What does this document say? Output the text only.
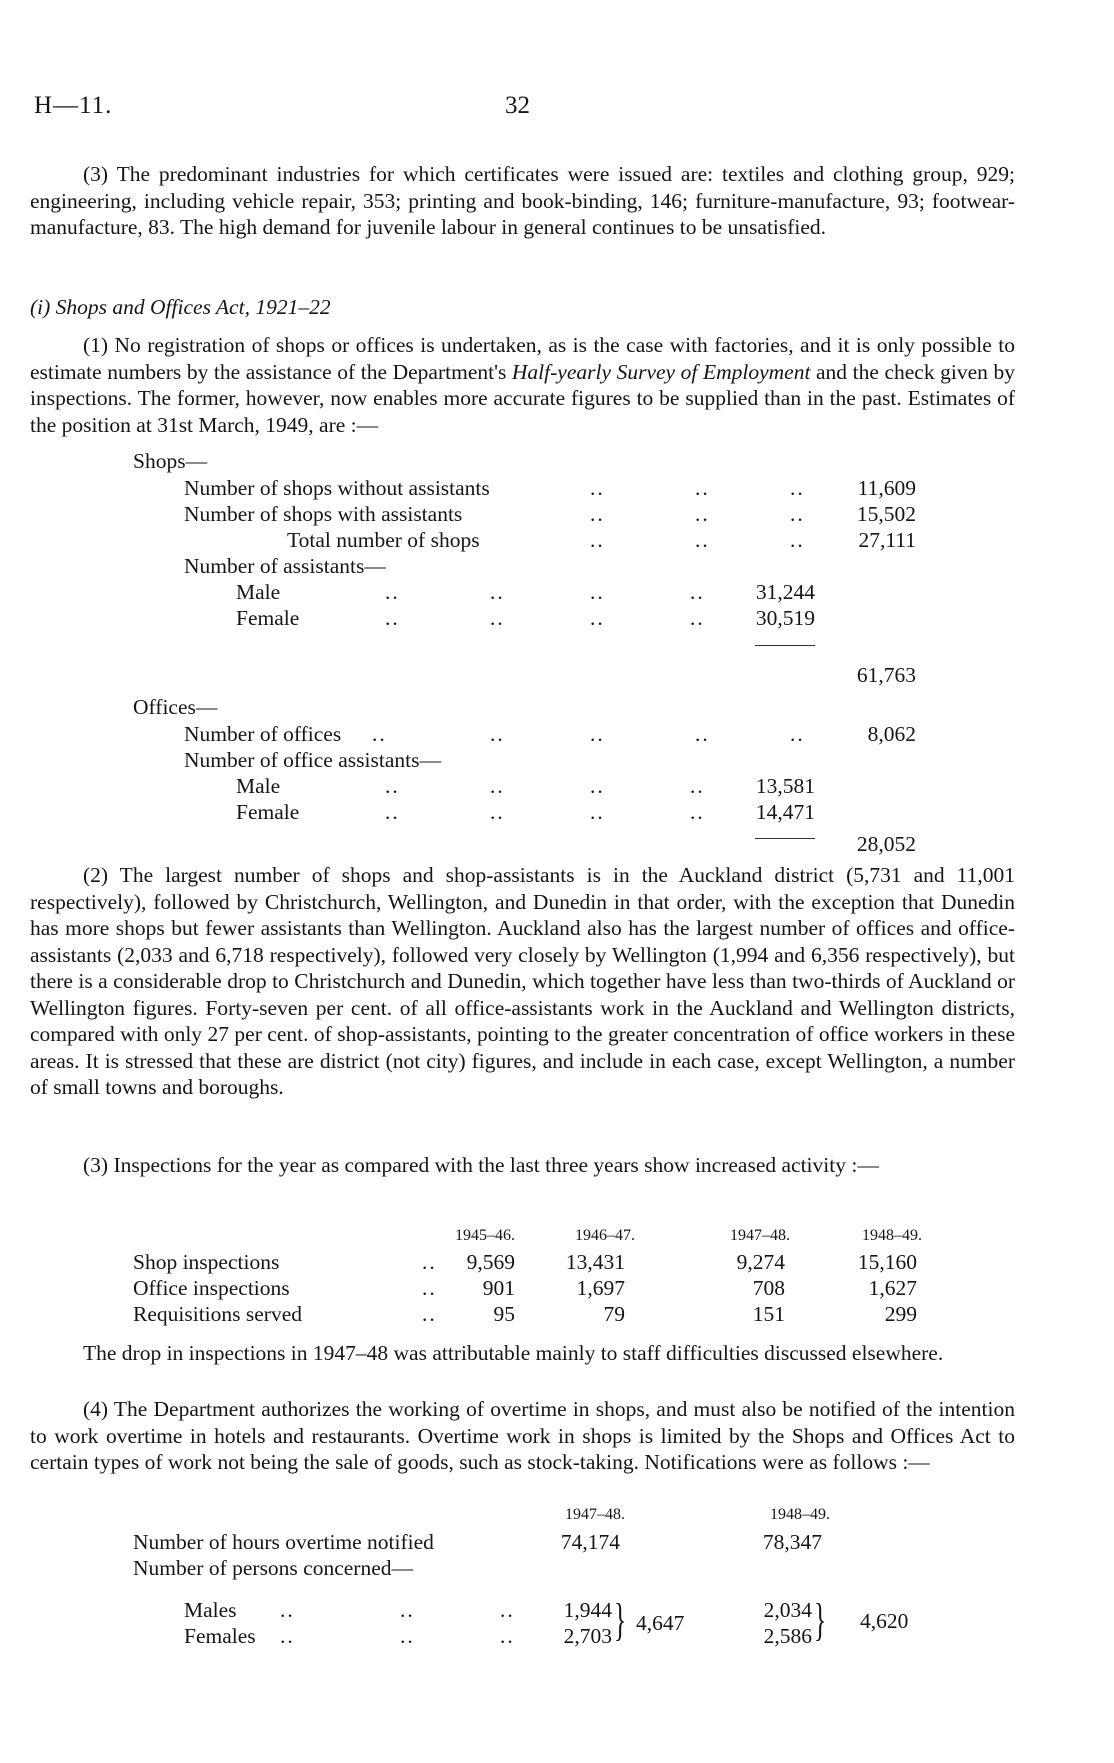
H—11.	32

(3) The predominant industries for which certificates were issued are: textiles and clothing group, 929; engineering, including vehicle repair, 353; printing and book-binding, 146; furniture-manufacture, 93; footwear-manufacture, 83. The high demand for juvenile labour in general continues to be unsatisfied.

(i) Shops and Offices Act, 1921–22

(1) No registration of shops or offices is undertaken, as is the case with factories, and it is only possible to estimate numbers by the assistance of the Department's Half-yearly Survey of Employment and the check given by inspections. The former, however, now enables more accurate figures to be supplied than in the past. Estimates of the position at 31st March, 1949, are :—

Shops—
Number of shops without assistants	..	..	..	11,609
Number of shops with assistants	..	..	..	15,502
Total number of shops	..	..	..	27,111
Number of assistants—
Male	..	..	..	..	31,244
Female	..	..	..	..	30,519
61,763
Offices—
Number of offices ..	..	..	..	..	8,062
Number of office assistants—
Male	..	..	..	..	13,581
Female	..	..	..	..	14,471
28,052

(2) The largest number of shops and shop-assistants is in the Auckland district (5,731 and 11,001 respectively), followed by Christchurch, Wellington, and Dunedin in that order, with the exception that Dunedin has more shops but fewer assistants than Wellington. Auckland also has the largest number of offices and office-assistants (2,033 and 6,718 respectively), followed very closely by Wellington (1,994 and 6,356 respectively), but there is a considerable drop to Christchurch and Dunedin, which together have less than two-thirds of Auckland or Wellington figures. Forty-seven per cent. of all office-assistants work in the Auckland and Wellington districts, compared with only 27 per cent. of shop-assistants, pointing to the greater concentration of office workers in these areas. It is stressed that these are district (not city) figures, and include in each case, except Wellington, a number of small towns and boroughs.

(3) Inspections for the year as compared with the last three years show increased activity :—

1945–46.	1946–47.	1947–48.	1948–49.
Shop inspections	..	9,569	13,431	9,274	15,160
Office inspections	..	901	1,697	708	1,627
Requisitions served	..	95	79	151	299

The drop in inspections in 1947–48 was attributable mainly to staff difficulties discussed elsewhere.

(4) The Department authorizes the working of overtime in shops, and must also be notified of the intention to work overtime in hotels and restaurants. Overtime work in shops is limited by the Shops and Offices Act to certain types of work not being the sale of goods, such as stock-taking. Notifications were as follows :—

1947–48.	1948–49.
Number of hours overtime notified	74,174	78,347
Number of persons concerned—
Males ..	..	..	1,944	2,034
Females ..	..	..	2,703	2,586
} 4,647	} 4,620
